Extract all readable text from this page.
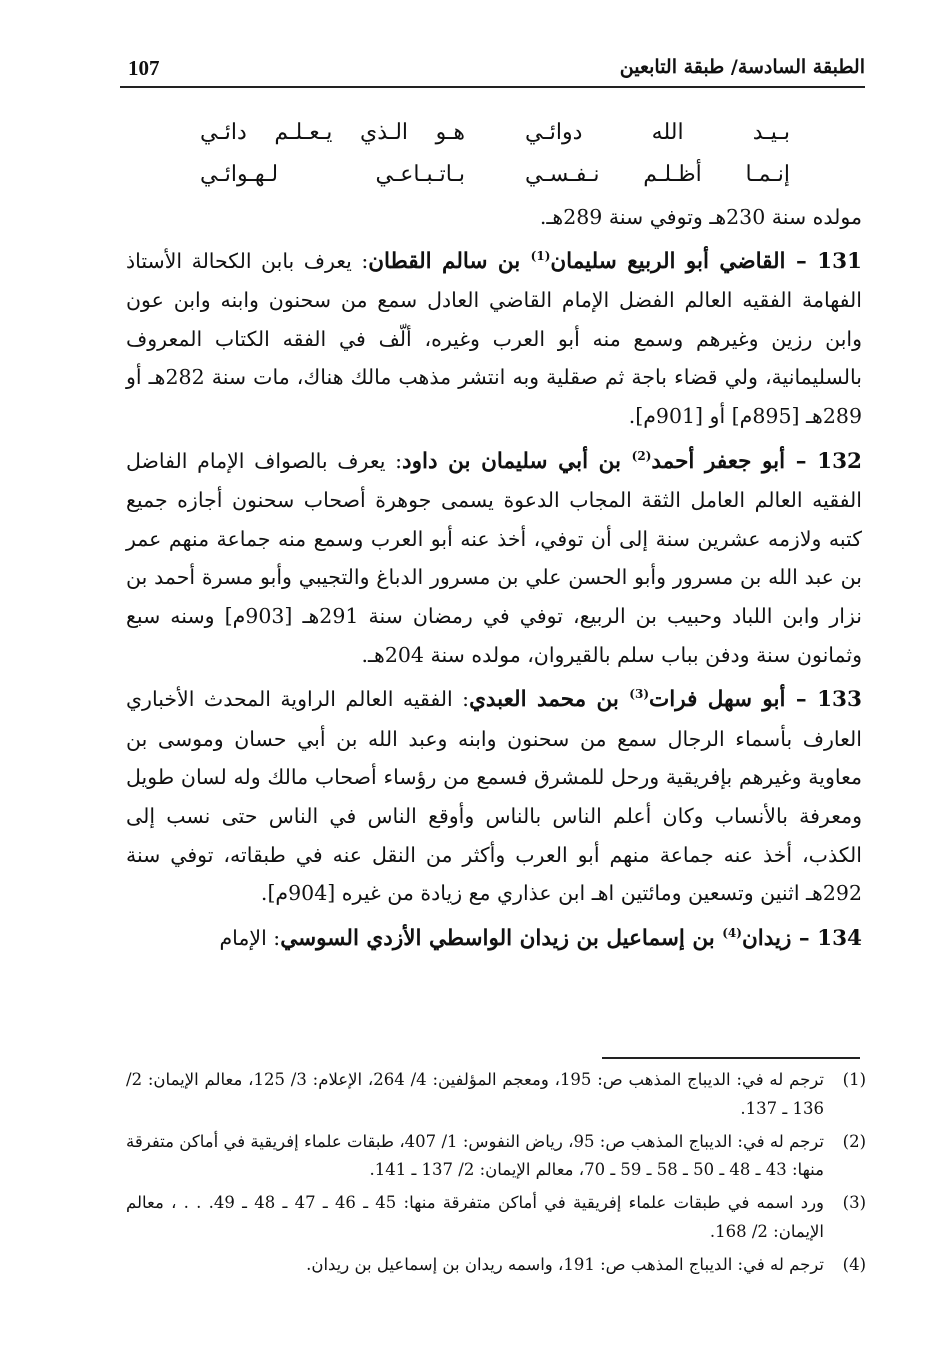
107	الطبقة السادسة/ طبقة التابعين
بـيـد الله دوائـي
هـو الـذي يـعـلـم دائـي
إنـمـا أظـلـم نـفـسـي
بـاتـبـاعـي لـهـوائـي

مولده سنة 230هـ وتوفي سنة 289هـ.

131 – القاضي أبو الربيع سليمان$^{(1)}$ بن سالم القطان: يعرف بابن الكحالة الأستاذ الفهامة الفقيه العالم الفضل الإمام القاضي العادل سمع من سحنون وابنه وابن عون وابن رزين وغيرهم وسمع منه أبو العرب وغيره، ألّف في الفقه الكتاب المعروف بالسليمانية، ولي قضاء باجة ثم صقلية وبه انتشر مذهب مالك هناك، مات سنة 282هـ أو 289هـ [895م] أو [901م].

132 – أبو جعفر أحمد$^{(2)}$ بن أبي سليمان بن داود: يعرف بالصواف الإمام الفاضل الفقيه العالم العامل الثقة المجاب الدعوة يسمى جوهرة أصحاب سحنون أجازه جميع كتبه ولازمه عشرين سنة إلى أن توفي، أخذ عنه أبو العرب وسمع منه جماعة منهم عمر بن عبد الله بن مسرور وأبو الحسن علي بن مسرور الدباغ والتجيبي وأبو مسرة أحمد بن نزار وابن اللباد وحبيب بن الربيع، توفي في رمضان سنة 291هـ [903م] وسنه سبع وثمانون سنة ودفن بباب سلم بالقيروان، مولده سنة 204هـ.

133 – أبو سهل فرات$^{(3)}$ بن محمد العبدي: الفقيه العالم الراوية المحدث الأخباري العارف بأسماء الرجال سمع من سحنون وابنه وعبد الله بن أبي حسان وموسى بن معاوية وغيرهم بإفريقية ورحل للمشرق فسمع من رؤساء أصحاب مالك وله لسان طويل ومعرفة بالأنساب وكان أعلم الناس بالناس وأوقع الناس في الناس حتى نسب إلى الكذب، أخذ عنه جماعة منهم أبو العرب وأكثر من النقل عنه في طبقاته، توفي سنة 292هـ اثنين وتسعين ومائتين اهـ ابن عذاري مع زيادة من غيره [904م].

134 – زيدان$^{(4)}$ بن إسماعيل بن زيدان الواسطي الأزدي السوسي: الإمام

(1)
ترجم له في: الديباج المذهب ص: 195، ومعجم المؤلفين: 4/ 264، الإعلام: 3/ 125، معالم الإيمان: 2/ 136 ـ 137.
(2)
ترجم له في: الديباج المذهب ص: 95، رياض النفوس: 1/ 407، طبقات علماء إفريقية في أماكن متفرقة منها: 43 ـ 48 ـ 50 ـ 58 ـ 59 ـ 70، معالم الإيمان: 2/ 137 ـ 141.
(3)
ورد اسمه في طبقات علماء إفريقية في أماكن متفرقة منها: 45 ـ 46 ـ 47 ـ 48 ـ 49. . . ، معالم الإيمان: 2/ 168.
(4)
ترجم له في: الديباج المذهب ص: 191، واسمه ريدان بن إسماعيل بن ريدان.
